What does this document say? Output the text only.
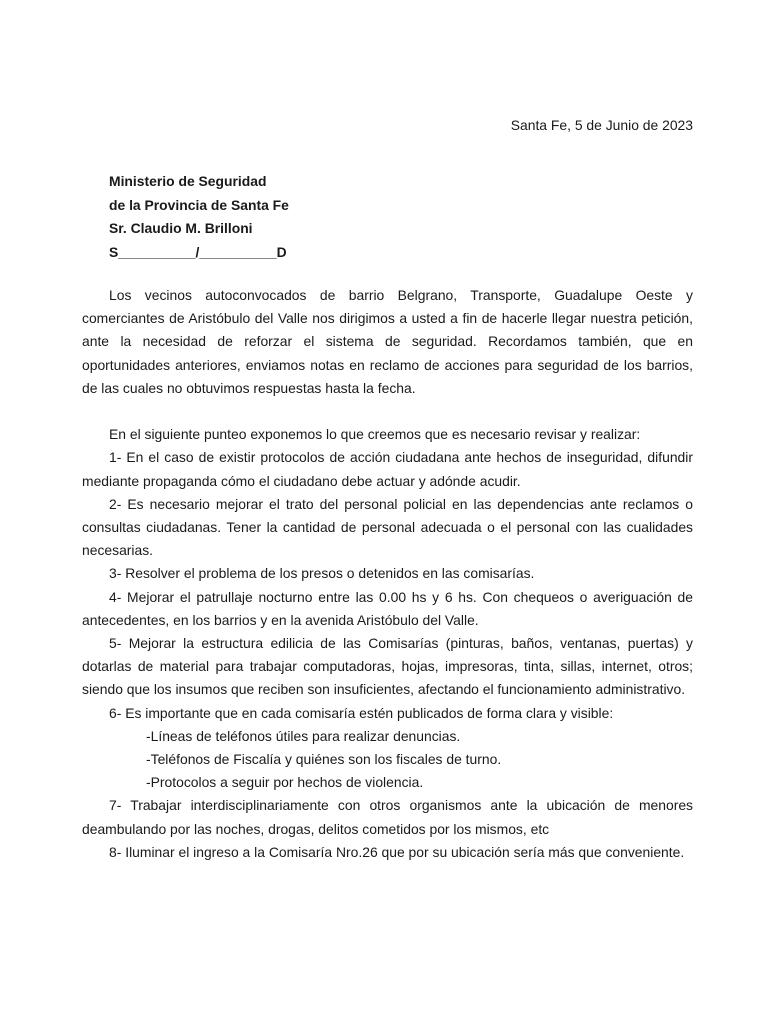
Santa Fe, 5 de Junio de 2023
Ministerio de Seguridad
de la Provincia de Santa Fe
Sr. Claudio M. Brilloni
S__________/__________D

Los vecinos autoconvocados de barrio Belgrano, Transporte, Guadalupe Oeste y comerciantes de Aristóbulo del Valle nos dirigimos a usted a fin de hacerle llegar nuestra petición, ante la necesidad de reforzar el sistema de seguridad. Recordamos también, que en oportunidades anteriores, enviamos notas en reclamo de acciones para seguridad de los barrios, de las cuales no obtuvimos respuestas hasta la fecha.

En el siguiente punteo exponemos lo que creemos que es necesario revisar y realizar:

1- En el caso de existir protocolos de acción ciudadana ante hechos de inseguridad, difundir mediante propaganda cómo el ciudadano debe actuar y adónde acudir.

2- Es necesario mejorar el trato del personal policial en las dependencias ante reclamos o consultas ciudadanas. Tener la cantidad de personal adecuada o el personal con las cualidades necesarias.

3- Resolver el problema de los presos o detenidos en las comisarías.

4- Mejorar el patrullaje nocturno entre las 0.00 hs y 6 hs. Con chequeos o averiguación de antecedentes, en los barrios y en la avenida Aristóbulo del Valle.

5- Mejorar la estructura edilicia de las Comisarías (pinturas, baños, ventanas, puertas) y dotarlas de material para trabajar computadoras, hojas, impresoras, tinta, sillas, internet, otros; siendo que los insumos que reciben son insuficientes, afectando el funcionamiento administrativo.

6- Es importante que en cada comisaría estén publicados de forma clara y visible:

-Líneas de teléfonos útiles para realizar denuncias.

-Teléfonos de Fiscalía y quiénes son los fiscales de turno.

-Protocolos a seguir por hechos de violencia.

7- Trabajar interdisciplinariamente con otros organismos ante la ubicación de menores deambulando por las noches, drogas, delitos cometidos por los mismos, etc

8- Iluminar el ingreso a la Comisaría Nro.26 que por su ubicación sería más que conveniente.
